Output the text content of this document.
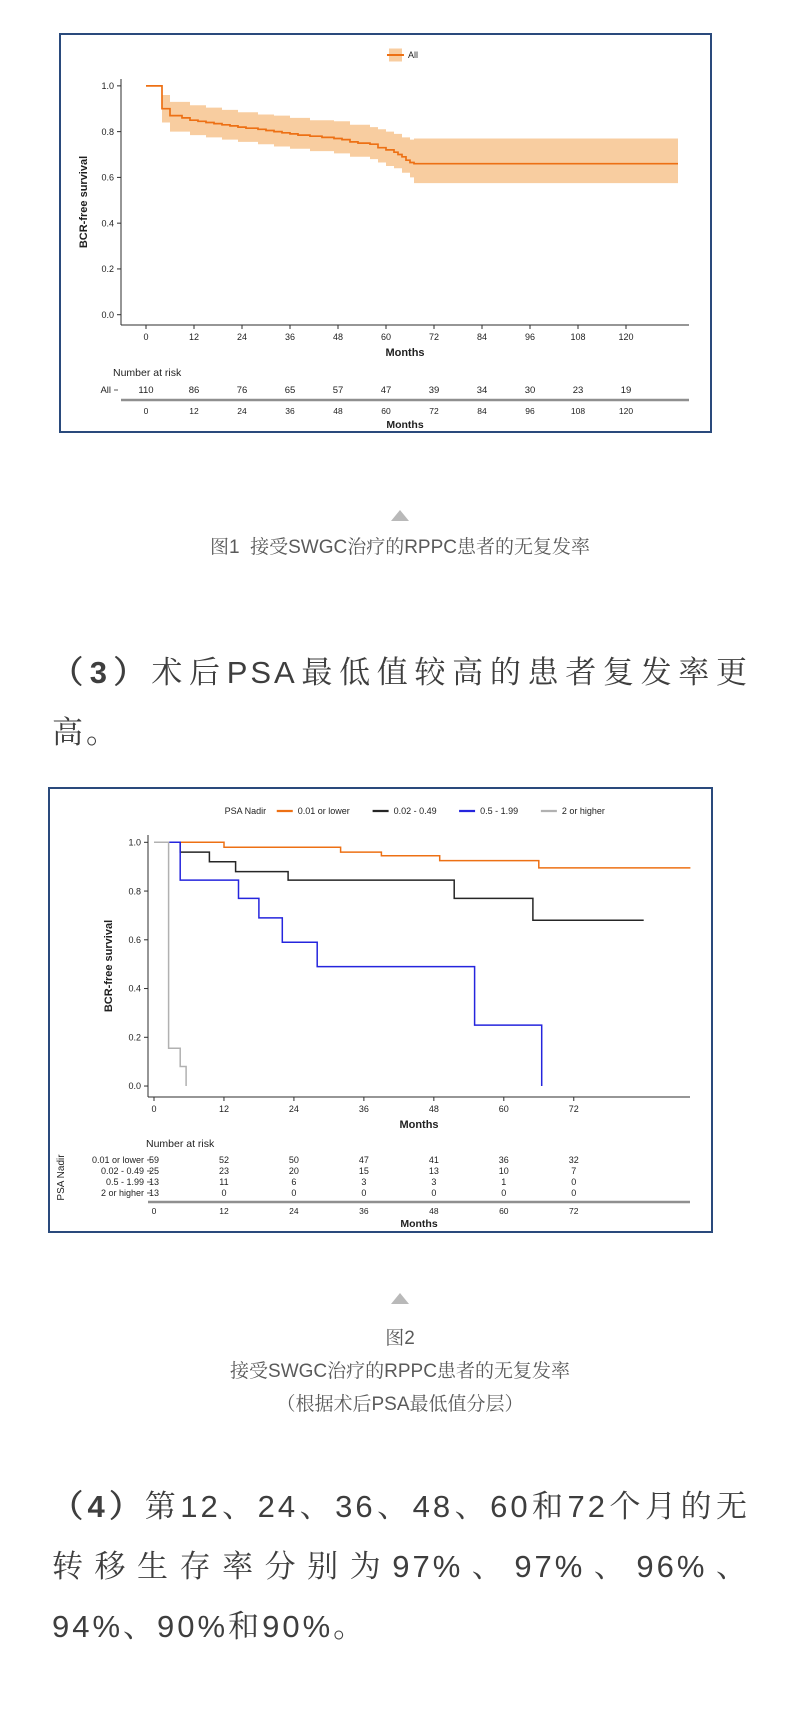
All
0.0
0.2
0.4
0.6
0.8
1.0
BCR-free survival
0	12	24	36	48	60	72	84	96	108	120
Months
Number at risk
All	110	86	76	65	57	47	39	34	30	23	19
0	12	24	36	48	60	72	84	96	108	120
Months

图1  接受SWGC治疗的RPPC患者的无复发率

（3）术后PSA最低值较高的患者复发率更
高。
PSA Nadir	0.01 or lower	0.02 - 0.49	0.5 - 1.99	2 or higher
0.0
0.2
0.4
0.6
0.8
1.0
BCR-free survival
0	12	24	36	48	60	72
Months
Number at risk
0.01 or lower 59	52	50	47	41	36	32
0.02 - 0.49 25	23	20	15	13	10	7
0.5 - 1.99 13	11	6	3	3	1	0
2 or higher 13	0	0	0	0	0	0
0	12	24	36	48	60	72
Months
PSA Nadir
图2
接受SWGC治疗的RPPC患者的无复发率
（根据术后PSA最低值分层）
（4）第12、24、36、48、60和72个月的无
转移生存率分别为97%、97%、96%、
94%、90%和90%。
